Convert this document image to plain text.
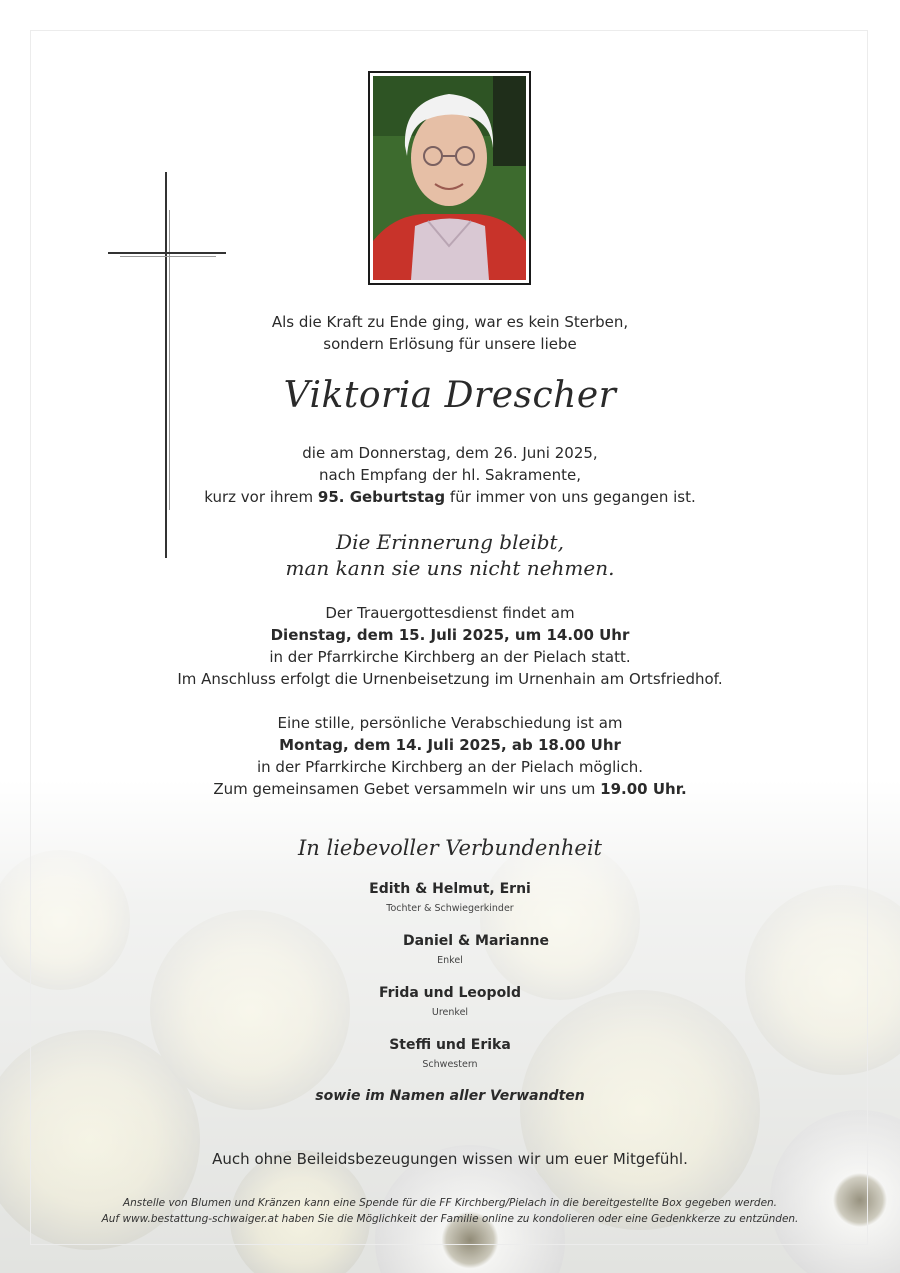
Als die Kraft zu Ende ging, war es kein Sterben,
sondern Erlösung für unsere liebe
Viktoria Drescher
die am Donnerstag, dem 26. Juni 2025,
nach Empfang der hl. Sakramente,
kurz vor ihrem 95. Geburtstag für immer von uns gegangen ist.
Die Erinnerung bleibt,
man kann sie uns nicht nehmen.
Der Trauergottesdienst findet am
Dienstag, dem 15. Juli 2025, um 14.00 Uhr
in der Pfarrkirche Kirchberg an der Pielach statt.
Im Anschluss erfolgt die Urnenbeisetzung im Urnenhain am Ortsfriedhof.
Eine stille, persönliche Verabschiedung ist am
Montag, dem 14. Juli 2025, ab 18.00 Uhr
in der Pfarrkirche Kirchberg an der Pielach möglich.
Zum gemeinsamen Gebet versammeln wir uns um 19.00 Uhr.
In liebevoller Verbundenheit
Edith & Helmut, Erni
Tochter & Schwiegerkinder
Daniel & Marianne
Enkel
Frida und Leopold
Urenkel
Steffi und Erika
Schwestern
sowie im Namen aller Verwandten
Auch ohne Beileidsbezeugungen wissen wir um euer Mitgefühl.
Anstelle von Blumen und Kränzen kann eine Spende für die FF Kirchberg/Pielach in die bereitgestellte Box gegeben werden.
Auf www.bestattung-schwaiger.at haben Sie die Möglichkeit der Familie online zu kondolieren oder eine Gedenkkerze zu entzünden.
